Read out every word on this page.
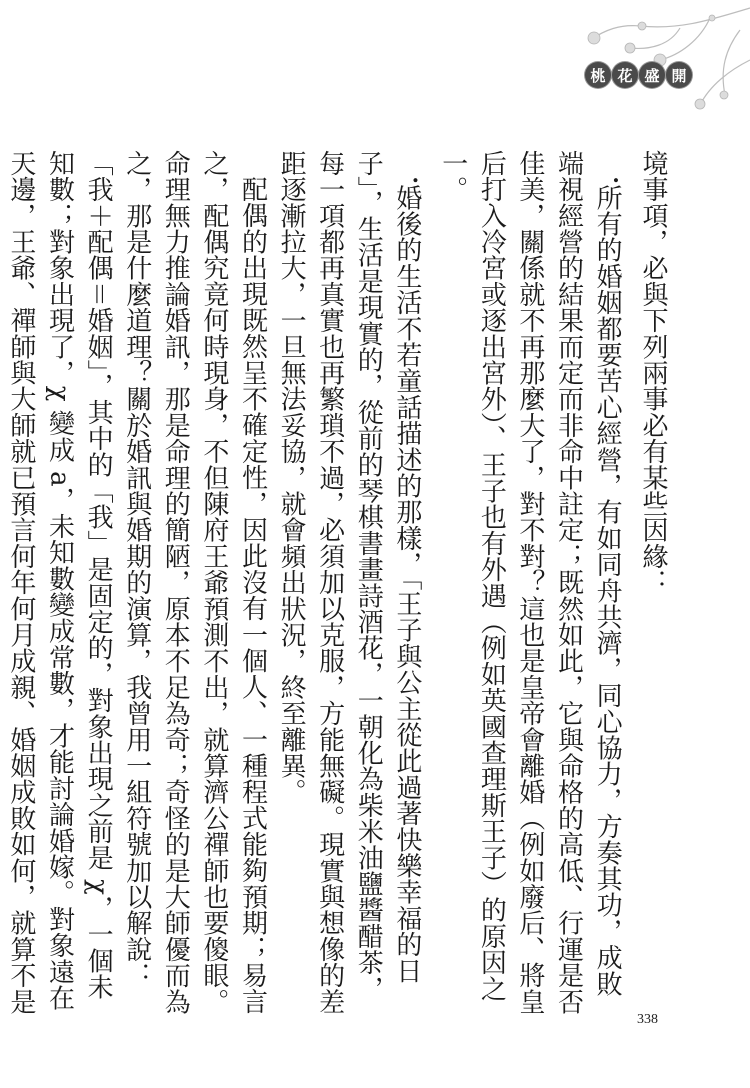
桃 花 盛 開

境事項，必與下列兩事必有某些因緣：

•所有的婚姻都要苦心經營，有如同舟共濟，同心協力，方奏其功，成敗端視經營的結果而定而非命中註定；既然如此，它與命格的高低、行運是否佳美，關係就不再那麼大了，對不對？這也是皇帝會離婚（例如廢后、將皇后打入冷宮或逐出宮外）、王子也有外遇（例如英國查理斯王子）的原因之一。

•婚後的生活不若童話描述的那樣，「王子與公主從此過著快樂幸福的日子」，生活是現實的，從前的琴棋書畫詩酒花，一朝化為柴米油鹽醬醋茶，每一項都再真實也再繁瑣不過，必須加以克服，方能無礙。現實與想像的差距逐漸拉大，一旦無法妥協，就會頻出狀況，終至離異。

配偶的出現既然呈不確定性，因此沒有一個人、一種程式能夠預期；易言之，配偶究竟何時現身，不但陳府王爺預測不出，就算濟公禪師也要傻眼。命理無力推論婚訊，那是命理的簡陋，原本不足為奇；奇怪的是大師優而為之，那是什麼道理？關於婚訊與婚期的演算，我曾用一組符號加以解說：「我＋配偶＝婚姻」，其中的「我」是固定的，對象出現之前是 χ，一個未知數；對象出現了，χ 變成 a，未知數變成常數，才能討論婚嫁。對象遠在天邊，王爺、禪師與大師就已預言何年何月成親、婚姻成敗如何，就算不是

338
